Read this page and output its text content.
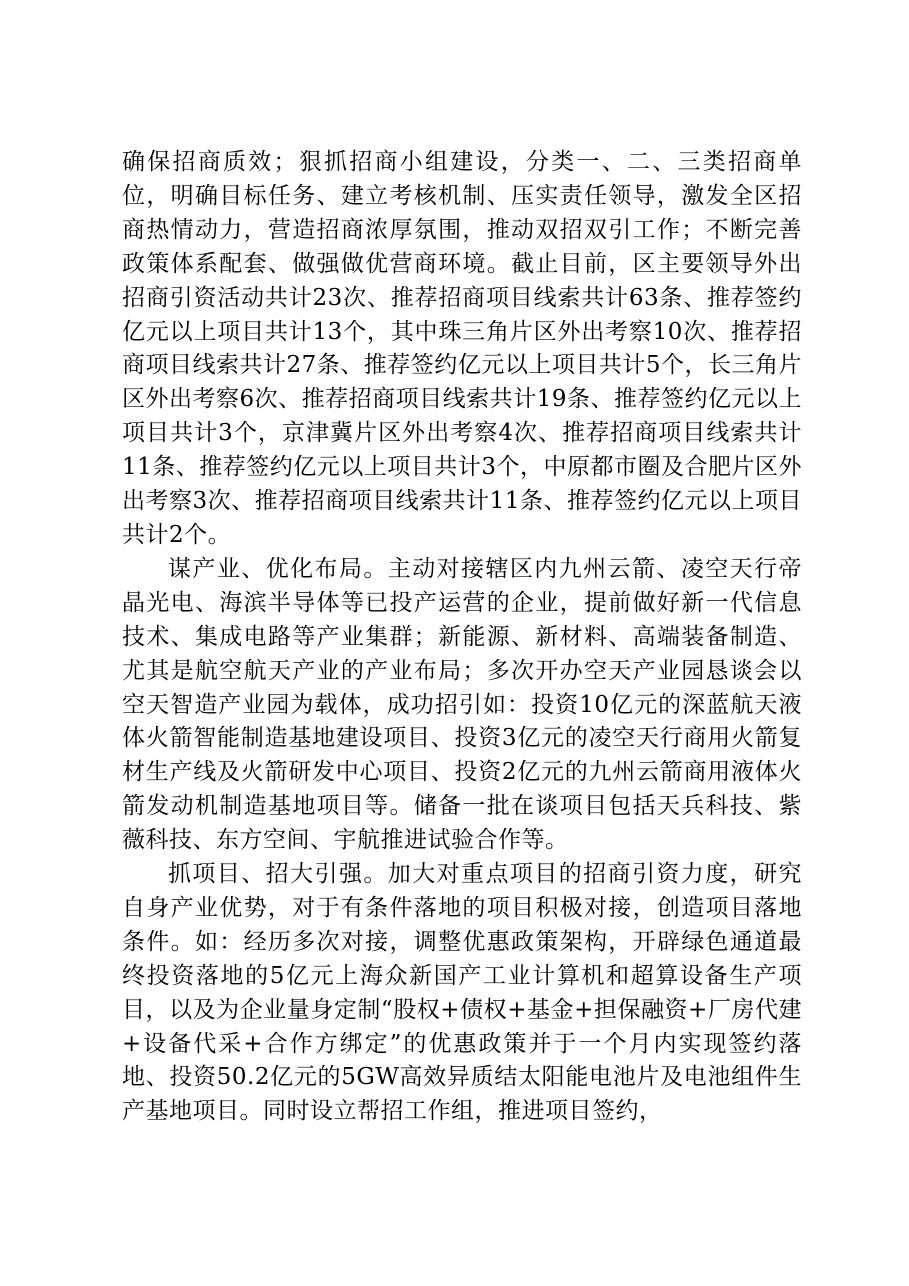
确保招商质效；狠抓招商小组建设，分类一、二、三类招商单位，明确目标任务、建立考核机制、压实责任领导，激发全区招商热情动力，营造招商浓厚氛围，推动双招双引工作；不断完善政策体系配套、做强做优营商环境。截止目前，区主要领导外出招商引资活动共计23次、推荐招商项目线索共计63条、推荐签约亿元以上项目共计13个，其中珠三角片区外出考察10次、推荐招商项目线索共计27条、推荐签约亿元以上项目共计5个，长三角片区外出考察6次、推荐招商项目线索共计19条、推荐签约亿元以上项目共计3个，京津冀片区外出考察4次、推荐招商项目线索共计11条、推荐签约亿元以上项目共计3个，中原都市圈及合肥片区外出考察3次、推荐招商项目线索共计11条、推荐签约亿元以上项目共计2个。

谋产业、优化布局。主动对接辖区内九州云箭、凌空天行帝晶光电、海滨半导体等已投产运营的企业，提前做好新一代信息技术、集成电路等产业集群；新能源、新材料、高端装备制造、尤其是航空航天产业的产业布局；多次开办空天产业园恳谈会以空天智造产业园为载体，成功招引如：投资10亿元的深蓝航天液体火箭智能制造基地建设项目、投资3亿元的凌空天行商用火箭复材生产线及火箭研发中心项目、投资2亿元的九州云箭商用液体火箭发动机制造基地项目等。储备一批在谈项目包括天兵科技、紫薇科技、东方空间、宇航推进试验合作等。

抓项目、招大引强。加大对重点项目的招商引资力度，研究自身产业优势，对于有条件落地的项目积极对接，创造项目落地条件。如：经历多次对接，调整优惠政策架构，开辟绿色通道最终投资落地的5亿元上海众新国产工业计算机和超算设备生产项目，以及为企业量身定制“股权+债权+基金+担保融资+厂房代建+设备代采+合作方绑定”的优惠政策并于一个月内实现签约落地、投资50.2亿元的5GW高效异质结太阳能电池片及电池组件生产基地项目。同时设立帮招工作组，推进项目签约，
